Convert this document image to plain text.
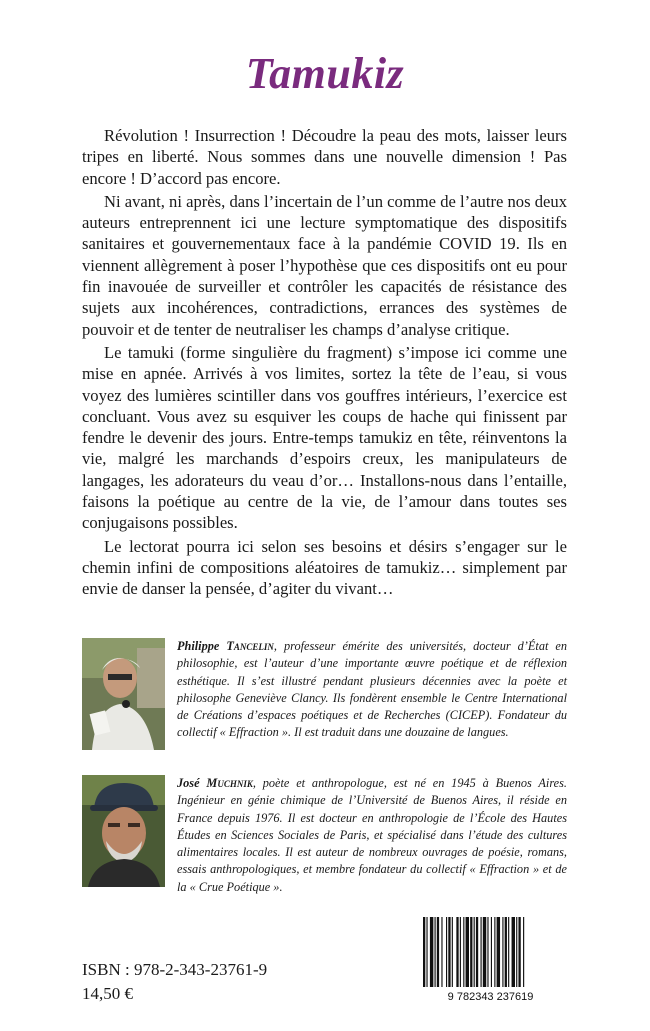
Tamukiz

Révolution ! Insurrection ! Découdre la peau des mots, laisser leurs tripes en liberté. Nous sommes dans une nouvelle dimension ! Pas encore ! D’accord pas encore.

Ni avant, ni après, dans l’incertain de l’un comme de l’autre nos deux auteurs entreprennent ici une lecture symptomatique des dispositifs sanitaires et gouvernementaux face à la pandémie COVID 19. Ils en viennent allègrement à poser l’hypothèse que ces dispositifs ont eu pour fin inavouée de surveiller et contrôler les capacités de résistance des sujets aux incohérences, contradictions, errances des systèmes de pouvoir et de tenter de neutraliser les champs d’analyse critique.

Le tamuki (forme singulière du fragment) s’impose ici comme une mise en apnée. Arrivés à vos limites, sortez la tête de l’eau, si vous voyez des lumières scintiller dans vos gouffres intérieurs, l’exercice est concluant. Vous avez su esquiver les coups de hache qui finissent par fendre le devenir des jours. Entre-temps tamukiz en tête, réinventons la vie, malgré les marchands d’espoirs creux, les manipulateurs de langages, les adorateurs du veau d’or… Installons-nous dans l’entaille, faisons la poétique au centre de la vie, de l’amour dans toutes ses conjugaisons possibles.

Le lectorat pourra ici selon ses besoins et désirs s’engager sur le chemin infini de compositions aléatoires de tamukiz… simplement par envie de danser la pensée, d’agiter du vivant…

Philippe Tancelin, professeur émérite des universités, docteur d’État en philosophie, est l’auteur d’une importante œuvre poétique et de réflexion esthétique. Il s’est illustré pendant plusieurs décennies avec la poète et philosophe Geneviève Clancy. Ils fondèrent ensemble le Centre International de Créations d’espaces poétiques et de Recherches (CICEP). Fondateur du collectif « Effraction ». Il est traduit dans une douzaine de langues.
José Muchnik, poète et anthropologue, est né en 1945 à Buenos Aires. Ingénieur en génie chimique de l’Université de Buenos Aires, il réside en France depuis 1976. Il est docteur en anthropologie de l’École des Hautes Études en Sciences Sociales de Paris, et spécialisé dans l’étude des cultures alimentaires locales. Il est auteur de nombreux ouvrages de poésie, romans, essais anthropologiques, et membre fondateur du collectif « Effraction » et de la « Crue Poétique ».
ISBN : 978-2-343-23761-9
14,50 €	9 782343 237619
